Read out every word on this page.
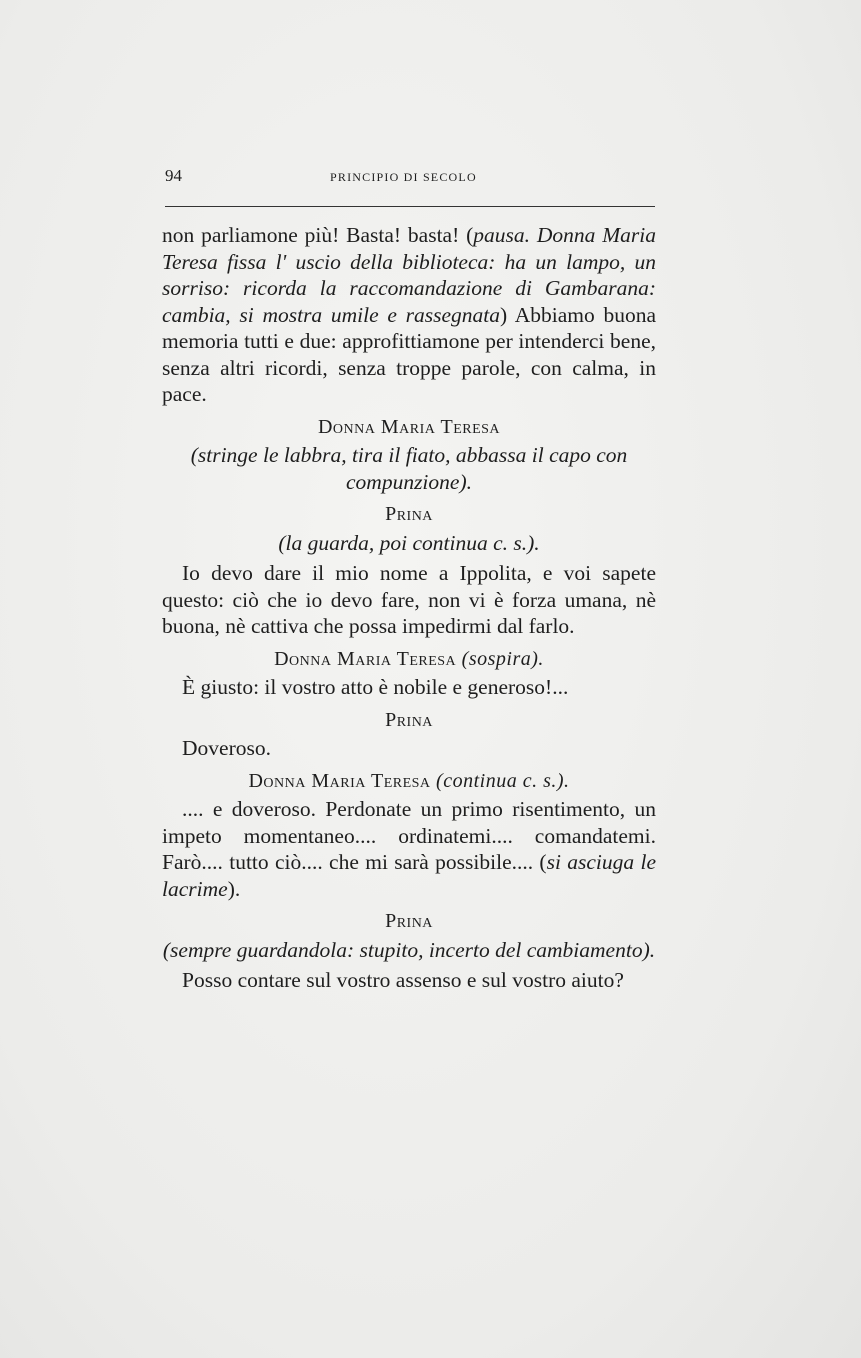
94	PRINCIPIO DI SECOLO

non parliamone più! Basta! basta! (pausa. Donna Maria Teresa fissa l' uscio della biblioteca: ha un lampo, un sorriso: ricorda la raccomandazione di Gambarana: cambia, si mostra umile e rassegnata) Abbiamo buona memoria tutti e due: approfittiamone per intenderci bene, senza altri ricordi, senza troppe parole, con calma, in pace.

Donna Maria Teresa
(stringe le labbra, tira il fiato, abbassa il capo con compunzione).
Prina
(la guarda, poi continua c. s.).

Io devo dare il mio nome a Ippolita, e voi sapete questo: ciò che io devo fare, non vi è forza umana, nè buona, nè cattiva che possa impedirmi dal farlo.

Donna Maria Teresa (sospira).

È giusto: il vostro atto è nobile e generoso!...

Prina

Doveroso.

Donna Maria Teresa (continua c. s.).

.... e doveroso. Perdonate un primo risentimento, un impeto momentaneo.... ordinatemi.... comandatemi. Farò.... tutto ciò.... che mi sarà possibile.... (si asciuga le lacrime).

Prina
(sempre guardandola: stupito, incerto del cambiamento).

Posso contare sul vostro assenso e sul vostro aiuto?
